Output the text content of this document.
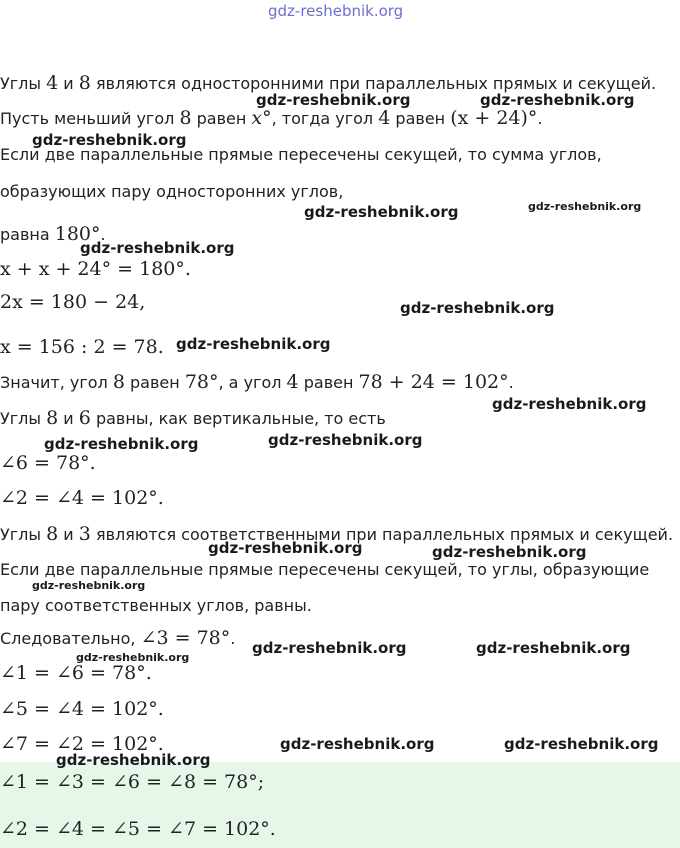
gdz-reshebnik.org
Углы 4 и 8 являются односторонними при параллельных прямых и секущей.
Пусть меньший угол 8 равен x°, тогда угол 4 равен (x + 24)°.
Если две параллельные прямые пересечены секущей, то сумма углов,
образующих пару односторонних углов,
равна 180°.
x + x + 24° = 180°.
2x = 180 − 24,
x = 156 : 2 = 78.
Значит, угол 8 равен 78°, а угол 4 равен 78 + 24 = 102°.
Углы 8 и 6 равны, как вертикальные, то есть
∠6 = 78°.
∠2 = ∠4 = 102°.
Углы 8 и 3 являются соответственными при параллельных прямых и секущей.
Если две параллельные прямые пересечены секущей, то углы, образующие
пару соответственных углов, равны.
Следовательно, ∠3 = 78°.
∠1 = ∠6 = 78°.
∠5 = ∠4 = 102°.
∠7 = ∠2 = 102°.
∠1 = ∠3 = ∠6 = ∠8 = 78°;
∠2 = ∠4 = ∠5 = ∠7 = 102°.
gdz-reshebnik.org	gdz-reshebnik.org
gdz-reshebnik.org
gdz-reshebnik.org	gdz-reshebnik.org
gdz-reshebnik.org
gdz-reshebnik.org
gdz-reshebnik.org
gdz-reshebnik.org
gdz-reshebnik.org	gdz-reshebnik.org
gdz-reshebnik.org	gdz-reshebnik.org
gdz-reshebnik.org
gdz-reshebnik.org	gdz-reshebnik.org
gdz-reshebnik.org
gdz-reshebnik.org	gdz-reshebnik.org
gdz-reshebnik.org
